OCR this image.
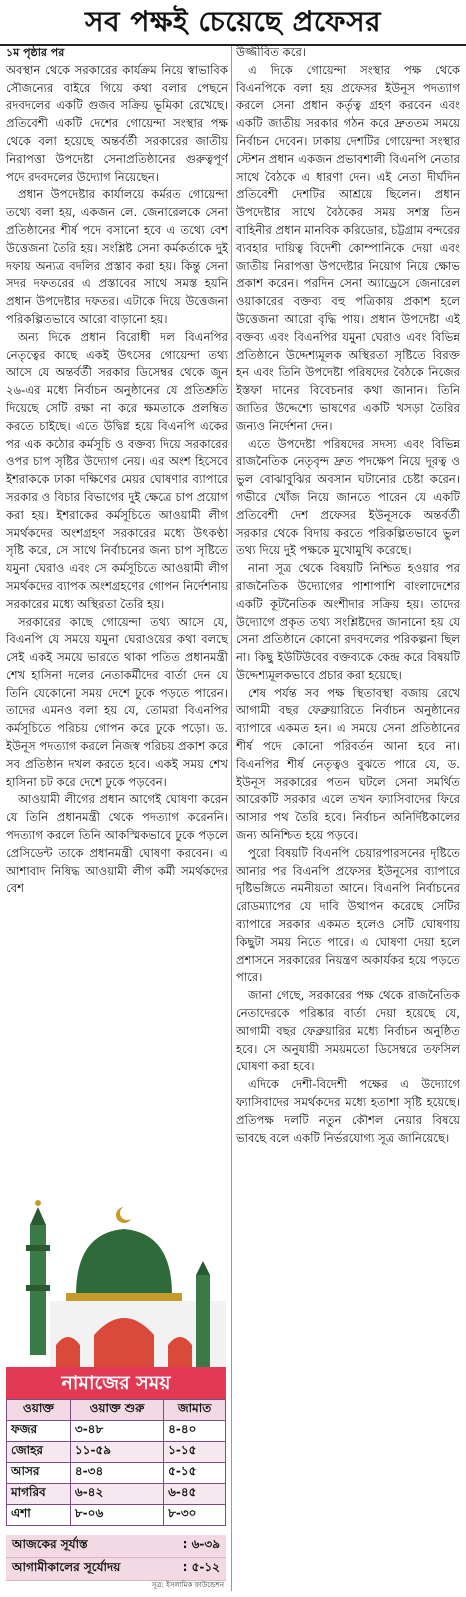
সব পক্ষই চেয়েছে প্রফেসর
১ম পৃষ্ঠার পর

অবস্থান থেকে সরকারের কার্যক্রম নিয়ে স্বাভাবিক সৌজন্যের বাইরে গিয়ে কথা বলার পেছনে রদবদলের একটি গুজব সক্রিয় ভূমিকা রেখেছে। প্রতিবেশী একটি দেশের গোয়েন্দা সংস্থার পক্ষ থেকে বলা হয়েছে অন্তর্বর্তী সরকারের জাতীয় নিরাপত্তা উপদেষ্টা সেনাপ্রতিষ্ঠানের গুরুত্বপূর্ণ পদে রদবদলের উদ্যোগ নিয়েছেন।

প্রধান উপদেষ্টার কার্যালয়ে কর্মরত গোয়েন্দা তথ্যে বলা হয়, একজন লে. জেনারেলকে সেনা প্রতিষ্ঠানের শীর্ষ পদে বসানো হবে এ তথ্যে বেশ উত্তেজনা তৈরি হয়। সংশ্লিষ্ট সেনা কর্মকর্তাকে দুই দফায় অন্যত্র বদলির প্রস্তাব করা হয়। কিন্তু সেনা সদর দফতরের এ প্রস্তাবের সাথে সমস্ত হয়নি প্রধান উপদেষ্টার দফতর। এটাকে দিয়ে উত্তেজনা পরিকল্পিতভাবে আরো বাড়ানো হয়।

অন্য দিকে প্রধান বিরোধী দল বিএনপির নেতৃত্বের কাছে একই উৎসের গোয়েন্দা তথ্য আসে যে অন্তর্বর্তী সরকার ডিসেম্বর থেকে জুন ২৬-এর মধ্যে নির্বাচন অনুষ্ঠানের যে প্রতিশ্রুতি দিয়েছে সেটি রক্ষা না করে ক্ষমতাকে প্রলম্বিত করতে চাইছে। এতে উদ্বিগ্ন হয়ে বিএনপি একের পর এক কঠোর কর্মসূচি ও বক্তব্য দিয়ে সরকারের ওপর চাপ সৃষ্টির উদ্যোগ নেয়। এর অংশ হিসেবে ইশরাককে ঢাকা দক্ষিণের মেয়র ঘোষণার ব্যাপারে সরকার ও বিচার বিভাগের দুই ক্ষেত্রে চাপ প্রয়োগ করা হয়। ইশরাকের কর্মসূচিতে আওয়ামী লীগ সমর্থকদের অংশগ্রহণ সরকারের মধ্যে উৎকণ্ঠা সৃষ্টি করে, সে সাথে নির্বাচনের জন্য চাপ সৃষ্টিতে যমুনা ঘেরাও এবং সে কর্মসূচিতে আওয়ামী লীগ সমর্থকদের ব্যাপক অংশগ্রহণের গোপন নির্দেশনায় সরকারের মধ্যে অস্থিরতা তৈরি হয়।

সরকারের কাছে গোয়েন্দা তথ্য আসে যে, বিএনপি যে সময়ে যমুনা ঘেরাওয়ের কথা বলছে সেই একই সময়ে ভারতে থাকা পতিত প্রধানমন্ত্রী শেখ হাসিনা দলের নেতাকর্মীদের বার্তা দেন যে তিনি যেকোনো সময় দেশে ঢুকে পড়তে পারেন। তাদের এমনও বলা হয় যে, তোমরা বিএনপির কর্মসূচিতে পরিচয় গোপন করে ঢুকে পড়ো। ড. ইউনূস পদত্যাগ করলে নিজস্ব পরিচয় প্রকাশ করে সব প্রতিষ্ঠান দখল করতে হবে। একই সময় শেখ হাসিনা চট করে দেশে ঢুকে পড়বেন।

আওয়ামী লীগের প্রধান আগেই ঘোষণা করেন যে তিনি প্রধানমন্ত্রী থেকে পদত্যাগ করেননি। পদত্যাগ করলে তিনি আকস্মিকভাবে ঢুকে পড়লে প্রেসিডেন্ট তাকে প্রধানমন্ত্রী ঘোষণা করবেন। এ আশাবাদ নিষিদ্ধ আওয়ামী লীগ কর্মী সমর্থকদের বেশ

উজ্জীবিত করে।

এ দিকে গোয়েন্দা সংস্থার পক্ষ থেকে বিএনপিকে বলা হয় প্রফেসর ইউনূস পদত্যাগ করলে সেনা প্রধান কর্তৃত্ব গ্রহণ করবেন এবং একটি জাতীয় সরকার গঠন করে দ্রুততম সময়ে নির্বাচন দেবেন। ঢাকায় দেশটির গোয়েন্দা সংস্থার স্টেশন প্রধান একজন প্রভাবশালী বিএনপি নেতার সাথে বৈঠকে এ ধারণা দেন। এই নেতা দীর্ঘদিন প্রতিবেশী দেশটির আশ্রয়ে ছিলেন। প্রধান উপদেষ্টার সাথে বৈঠকের সময় সশস্ত্র তিন বাহিনীর প্রধান মানবিক করিডোর, চট্টগ্রাম বন্দরের ব্যবহার দায়িত্ব বিদেশী কোম্পানিকে দেয়া এবং জাতীয় নিরাপত্তা উপদেষ্টার নিয়োগ নিয়ে ক্ষোভ প্রকাশ করেন। পরদিন সেনা অ্যাড্রেসে জেনারেল ওয়াকারের বক্তব্য বহু পত্রিকায় প্রকাশ হলে উত্তেজনা আরো বৃদ্ধি পায়। প্রধান উপদেষ্টা এই বক্তব্য এবং বিএনপির যমুনা ঘেরাও এবং বিভিন্ন প্রতিষ্ঠানে উদ্দেশ্যমূলক অস্থিরতা সৃষ্টিতে বিরক্ত হন এবং তিনি উপদেষ্টা পরিষদের বৈঠকে নিজের ইস্তফা দানের বিবেচনার কথা জানান। তিনি জাতির উদ্দেশ্যে ভাষণের একটি খসড়া তৈরির জন্যও নির্দেশনা দেন।

এতে উপদেষ্টা পরিষদের সদস্য এবং বিভিন্ন রাজনৈতিক নেতৃবৃন্দ দ্রুত পদক্ষেপ নিয়ে দূরত্ব ও ভুল বোঝাবুঝির অবসান ঘটানোর চেষ্টা করেন। গভীরে খোঁজ নিয়ে জানতে পারেন যে একটি প্রতিবেশী দেশ প্রফেসর ইউনূসকে অন্তর্বর্তী সরকার থেকে বিদায় করতে পরিকল্পিতভাবে ভুল তথ্য দিয়ে দুই পক্ষকে মুখোমুখি করেছে।

নানা সূত্র থেকে বিষয়টি নিশ্চিত হওয়ার পর রাজনৈতিক উদ্যোগের পাশাপাশি বাংলাদেশের একটি কূটনৈতিক অংশীদার সক্রিয় হয়। তাদের উদ্যোগে প্রকৃত তথ্য সংশ্লিষ্টদের জানানো হয় যে সেনা প্রতিষ্ঠানে কোনো রদবদলের পরিকল্পনা ছিল না। কিছু ইউটিউবের বক্তব্যকে কেন্দ্র করে বিষয়টি উদ্দেশ্যমূলকভাবে প্রচার করা হয়েছে।

শেষ পর্যন্ত সব পক্ষ স্থিতাবস্থা বজায় রেখে আগামী বছর ফেব্রুয়ারিতে নির্বাচন অনুষ্ঠানের ব্যাপারে একমত হন। এ সময়ে সেনা প্রতিষ্ঠানের শীর্ষ পদে কোনো পরিবর্তন আনা হবে না। বিএনপির শীর্ষ নেতৃত্বও বুঝতে পারে যে, ড. ইউনূস সরকারের পতন ঘটলে সেনা সমর্থিত আরেকটি সরকার এলে তখন ফ্যাসিবাদের ফিরে আসার পথ তৈরি হবে। নির্বাচন অনির্দিষ্টকালের জন্য অনিশ্চিত হয়ে পড়বে।

পুরো বিষয়টি বিএনপি চেয়ারপারসনের দৃষ্টিতে আনার পর বিএনপি প্রফেসর ইউনূসের ব্যাপারে দৃষ্টিভঙ্গিতে নমনীয়তা আনে। বিএনপি নির্বাচনের রোডম্যাপের যে দাবি উত্থাপন করেছে সেটির ব্যাপারে সরকার একমত হলেও সেটি ঘোষণায় কিছুটা সময় নিতে পারে। এ ঘোষণা দেয়া হলে প্রশাসনে সরকারের নিয়ন্ত্রণ অকার্যকর হয়ে পড়তে পারে।

জানা গেছে, সরকারের পক্ষ থেকে রাজনৈতিক নেতাদেরকে পরিষ্কার বার্তা দেয়া হয়েছে যে, আগামী বছর ফেব্রুয়ারির মধ্যে নির্বাচন অনুষ্ঠিত হবে। সে অনুযায়ী সময়মতো ডিসেম্বরে তফসিল ঘোষণা করা হবে।

এদিকে দেশী-বিদেশী পক্ষের এ উদ্যোগে ফ্যাসিবাদের সমর্থকদের মধ্যে হতাশা সৃষ্টি হয়েছে। প্রতিপক্ষ দলটি নতুন কৌশল নেয়ার বিষয়ে ভাবছে বলে একটি নির্ভরযোগ্য সূত্র জানিয়েছে।

নামাজের সময়
ওয়াক্ত	ওয়াক্ত শুরু	জামাত
ফজর	৩-৪৮	৪-৪০
জোহর	১১-৫৯	১-১৫
আসর	৪-৩৪	৫-১৫
মাগরিব	৬-৪২	৬-৪৫
এশা	৮-০৬	৮-৩০
আজকের সূর্যাস্ত	: ৬-৩৯
আগামীকালের সূর্যোদয়	: ৫-১২
সূত্র: ইসলামিক ফাউন্ডেশন
